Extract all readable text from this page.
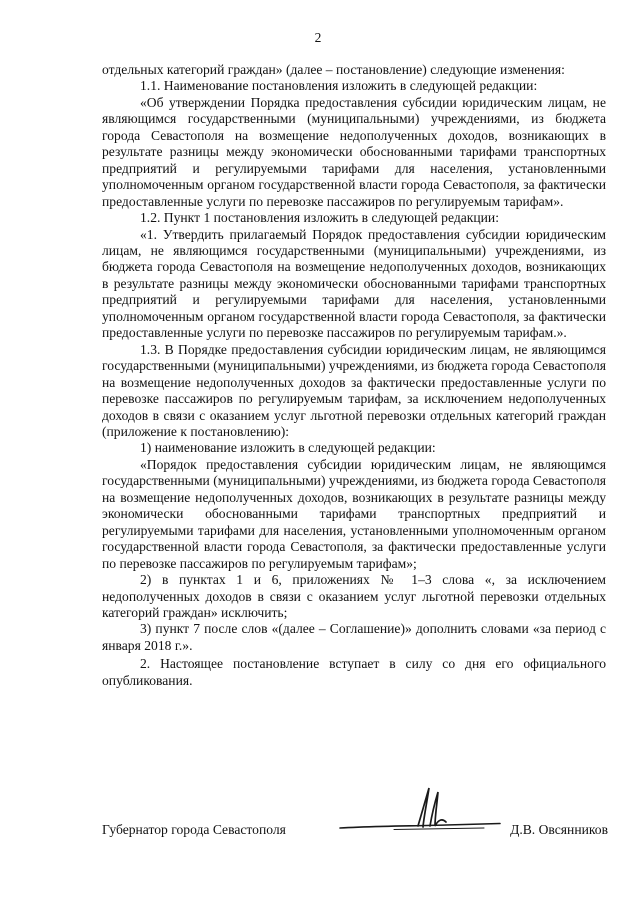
2

отдельных категорий граждан» (далее – постановление) следующие изменения:

1.1. Наименование постановления изложить в следующей редакции:

«Об утверждении Порядка предоставления субсидии юридическим лицам, не являющимся государственными (муниципальными) учреждениями, из бюджета города Севастополя на возмещение недополученных доходов, возникающих в результате разницы между экономически обоснованными тарифами транспортных предприятий и регулируемыми тарифами для населения, установленными уполномоченным органом государственной власти города Севастополя, за фактически предоставленные услуги по перевозке пассажиров по регулируемым тарифам».

1.2. Пункт 1 постановления изложить в следующей редакции:

«1. Утвердить прилагаемый Порядок предоставления субсидии юридическим лицам, не являющимся государственными (муниципальными) учреждениями, из бюджета города Севастополя на возмещение недополученных доходов, возникающих в результате разницы между экономически обоснованными тарифами транспортных предприятий и регулируемыми тарифами для населения, установленными уполномоченным органом государственной власти города Севастополя, за фактически предоставленные услуги по перевозке пассажиров по регулируемым тарифам.».

1.3. В Порядке предоставления субсидии юридическим лицам, не являющимся государственными (муниципальными) учреждениями, из бюджета города Севастополя на возмещение недополученных доходов за фактически предоставленные услуги по перевозке пассажиров по регулируемым тарифам, за исключением недополученных доходов в связи с оказанием услуг льготной перевозки отдельных категорий граждан (приложение к постановлению):

1) наименование изложить в следующей редакции:

«Порядок предоставления субсидии юридическим лицам, не являющимся государственными (муниципальными) учреждениями, из бюджета города Севастополя на возмещение недополученных доходов, возникающих в результате разницы между экономически обоснованными тарифами транспортных предприятий и регулируемыми тарифами для населения, установленными уполномоченным органом государственной власти города Севастополя, за фактически предоставленные услуги по перевозке пассажиров по регулируемым тарифам»;

2) в пунктах 1 и 6, приложениях № 1–3 слова «, за исключением недополученных доходов в связи с оказанием услуг льготной перевозки отдельных категорий граждан» исключить;

3) пункт 7 после слов «(далее – Соглашение)» дополнить словами «за период с января 2018 г.».

2. Настоящее постановление вступает в силу со дня его официального опубликования.

Губернатор города Севастополя	Д.В. Овсянников
